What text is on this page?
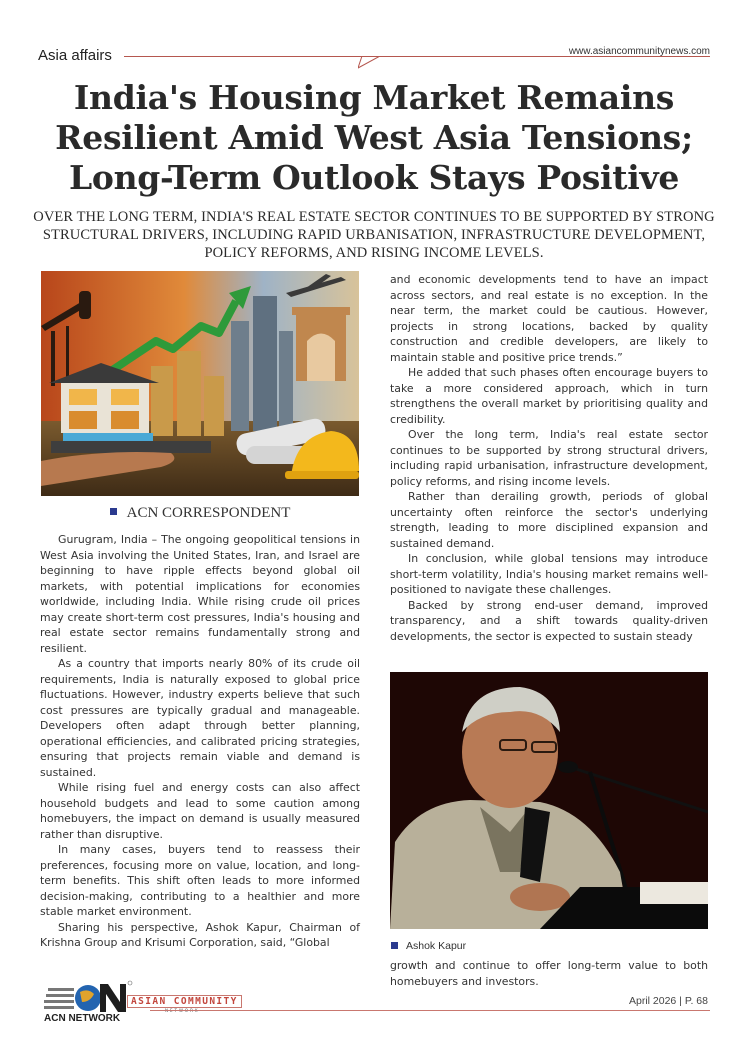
Asia affairs	www.asiancommunitynews.com
India's Housing Market Remains
Resilient Amid West Asia Tensions;
Long-Term Outlook Stays Positive
OVER THE LONG TERM, INDIA'S REAL ESTATE SECTOR CONTINUES TO BE SUPPORTED BY STRONG STRUCTURAL DRIVERS, INCLUDING RAPID URBANISATION, INFRASTRUCTURE DEVELOPMENT, POLICY REFORMS, AND RISING INCOME LEVELS.
ACN CORRESPONDENT

Gurugram, India – The ongoing geopolitical tensions in West Asia involving the United States, Iran, and Israel are beginning to have ripple effects beyond global oil markets, with potential implications for economies worldwide, including India. While rising crude oil prices may create short-term cost pressures, India's housing and real estate sector remains fundamentally strong and resilient.

As a country that imports nearly 80% of its crude oil requirements, India is naturally exposed to global price fluctuations. However, industry experts believe that such cost pressures are typically gradual and manageable. Developers often adapt through better planning, operational efficiencies, and calibrated pricing strategies, ensuring that projects remain viable and demand is sustained.

While rising fuel and energy costs can also affect household budgets and lead to some caution among homebuyers, the impact on demand is usually measured rather than disruptive.

In many cases, buyers tend to reassess their preferences, focusing more on value, location, and long-term benefits. This shift often leads to more informed decision-making, contributing to a healthier and more stable market environment.

Sharing his perspective, Ashok Kapur, Chairman of Krishna Group and Krisumi Corporation, said, “Global

and economic developments tend to have an impact across sectors, and real estate is no exception. In the near term, the market could be cautious. However, projects in strong locations, backed by quality construction and credible developers, are likely to maintain stable and positive price trends.”

He added that such phases often encourage buyers to take a more considered approach, which in turn strengthens the overall market by prioritising quality and credibility.

Over the long term, India's real estate sector continues to be supported by strong structural drivers, including rapid urbanisation, infrastructure development, policy reforms, and rising income levels.

Rather than derailing growth, periods of global uncertainty often reinforce the sector's underlying strength, leading to more disciplined expansion and sustained demand.

In conclusion, while global tensions may introduce short-term volatility, India's housing market remains well-positioned to navigate these challenges.

Backed by strong end-user demand, improved transparency, and a shift towards quality-driven developments, the sector is expected to sustain steady

Ashok Kapur

growth and continue to offer long-term value to both homebuyers and investors.

ACN NETWORK
ASIAN COMMUNITY	April 2026 | P. 68
